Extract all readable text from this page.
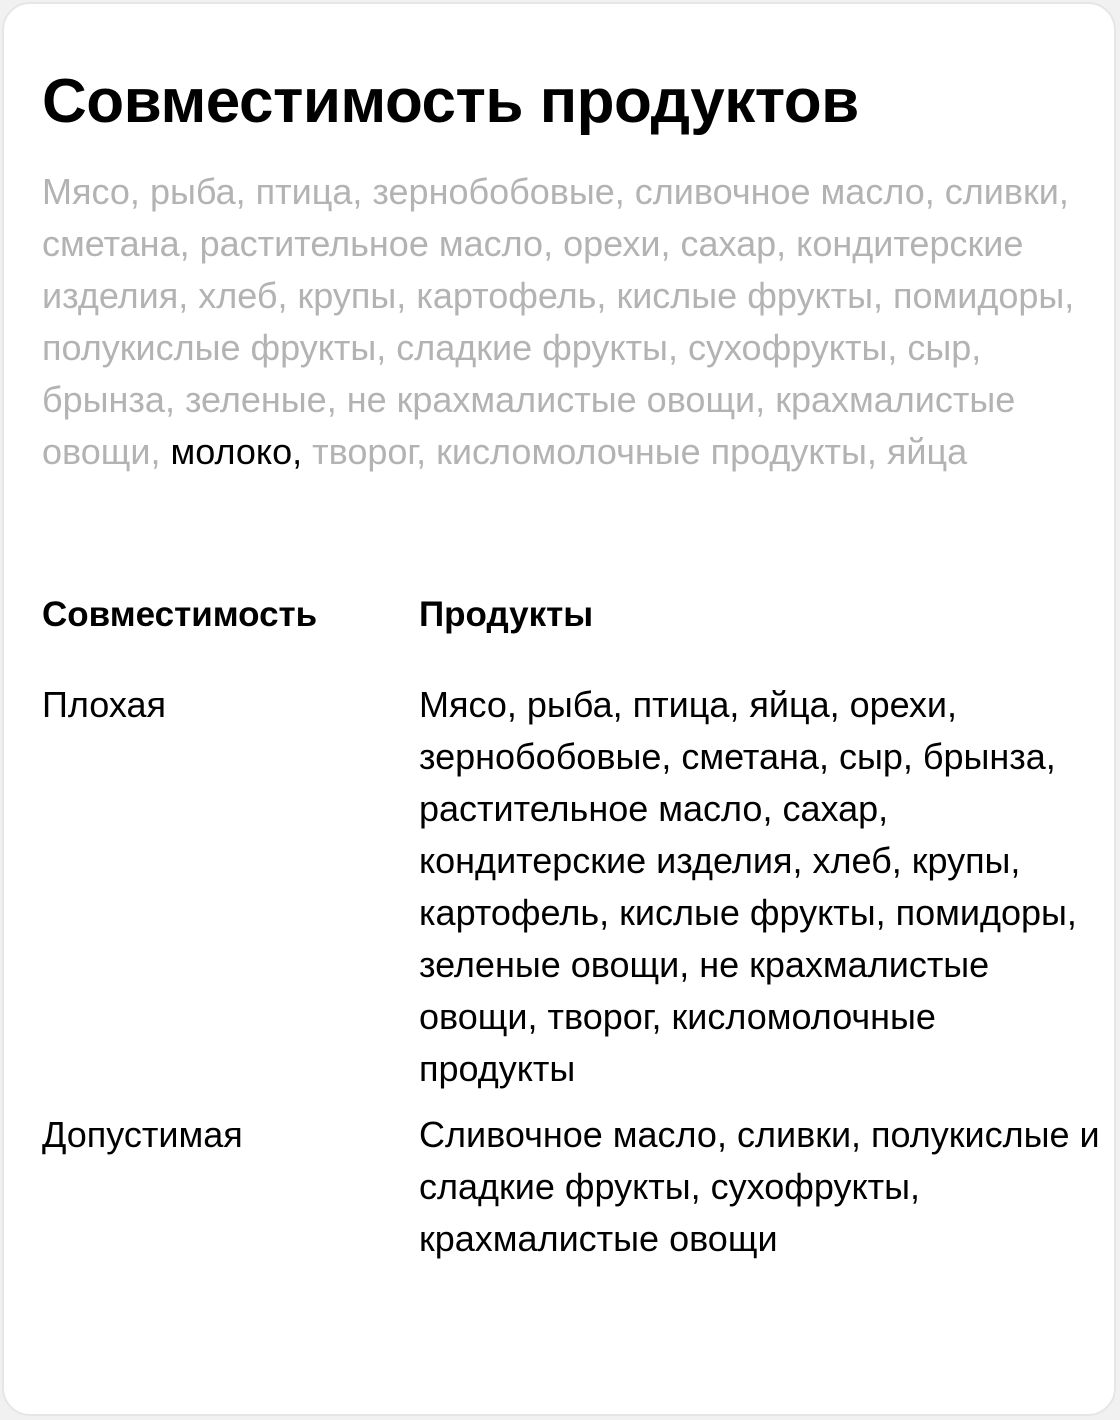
Совместимость продуктов

Мясо, рыба, птица, зернобобовые, сливочное масло, сливки, сметана, растительное масло, орехи, сахар, кондитерские изделия, хлеб, крупы, картофель, кислые фрукты, помидоры, полукислые фрукты, сладкие фрукты, сухофрукты, сыр, брынза, зеленые, не крахмалистые овощи, крахмалистые овощи, молоко, творог, кисломолочные продукты, яйца

Совместимость	Продукты
Плохая	Мясо, рыба, птица, яйца, орехи, зернобобовые, сметана, сыр, брынза, растительное масло, сахар, кондитерские изделия, хлеб, крупы, картофель, кислые фрукты, помидоры, зеленые овощи, не крахмалистые овощи, творог, кисломолочные продукты
Допустимая	Сливочное масло, сливки, полукислые и сладкие фрукты, сухофрукты, крахмалистые овощи
